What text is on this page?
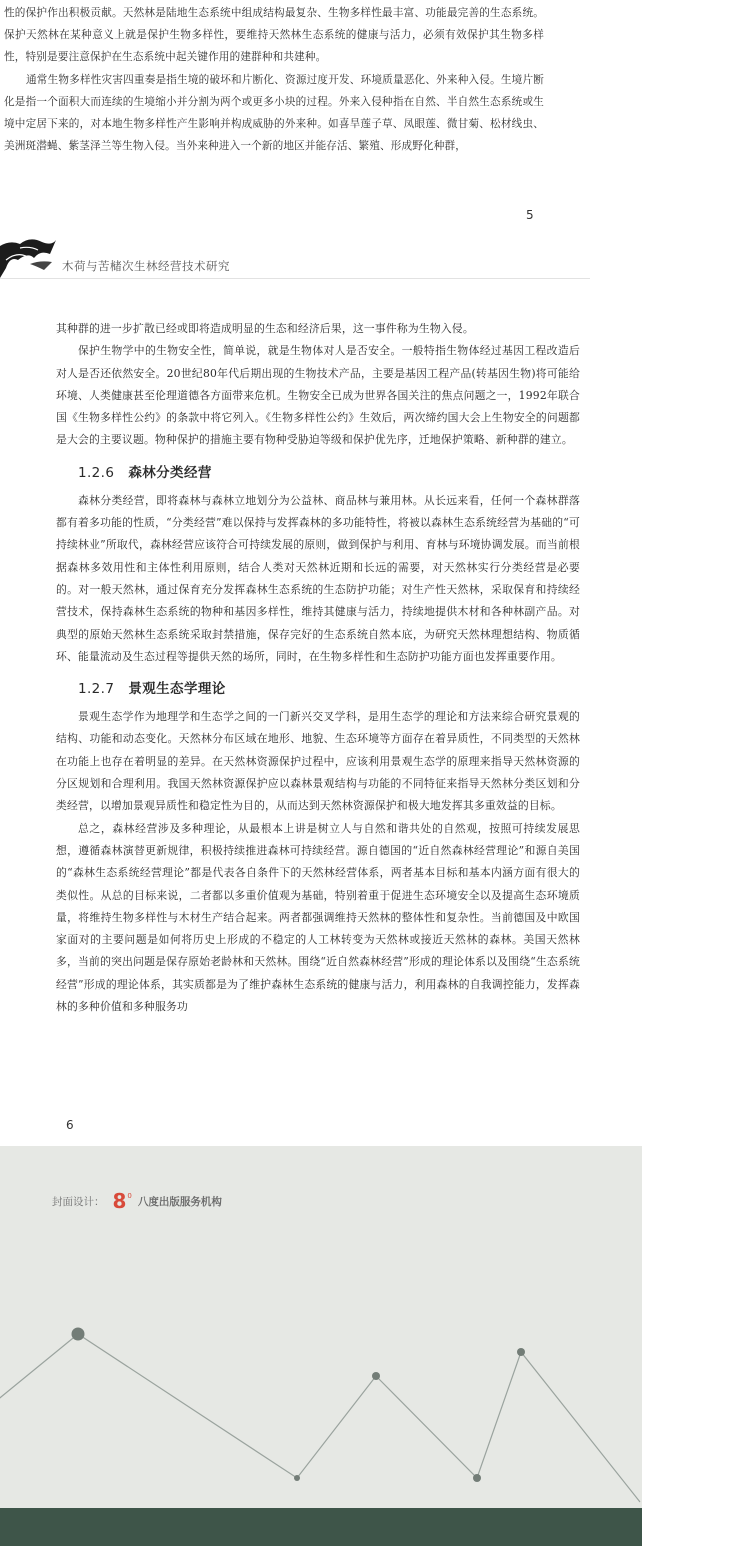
性的保护作出积极贡献。天然林是陆地生态系统中组成结构最复杂、生物多样性最丰富、功能最完善的生态系统。保护天然林在某种意义上就是保护生物多样性，要维持天然林生态系统的健康与活力，必须有效保护其生物多样性，特别是要注意保护在生态系统中起关键作用的建群种和共建种。

通常生物多样性灾害四重奏是指生境的破坏和片断化、资源过度开发、环境质量恶化、外来种入侵。生境片断化是指一个面积大而连续的生境缩小并分割为两个或更多小块的过程。外来入侵种指在自然、半自然生态系统或生境中定居下来的，对本地生物多样性产生影响并构成威胁的外来种。如喜旱莲子草、凤眼莲、微甘菊、松材线虫、美洲斑潜蝇、紫茎泽兰等生物入侵。当外来种进入一个新的地区并能存活、繁殖、形成野化种群，

5
木荷与苦槠次生林经营技术研究

其种群的进一步扩散已经或即将造成明显的生态和经济后果，这一事件称为生物入侵。

保护生物学中的生物安全性，简单说，就是生物体对人是否安全。一般特指生物体经过基因工程改造后对人是否还依然安全。20世纪80年代后期出现的生物技术产品，主要是基因工程产品(转基因生物)将可能给环境、人类健康甚至伦理道德各方面带来危机。生物安全已成为世界各国关注的焦点问题之一，1992年联合国《生物多样性公约》的条款中将它列入。《生物多样性公约》生效后，两次缔约国大会上生物安全的问题都是大会的主要议题。物种保护的措施主要有物种受胁迫等级和保护优先序，迁地保护策略、新种群的建立。

1.2.6 森林分类经营

森林分类经营，即将森林与森林立地划分为公益林、商品林与兼用林。从长远来看，任何一个森林群落都有着多功能的性质，“分类经营”难以保持与发挥森林的多功能特性，将被以森林生态系统经营为基础的“可持续林业”所取代，森林经营应该符合可持续发展的原则，做到保护与利用、育林与环境协调发展。而当前根据森林多效用性和主体性利用原则，结合人类对天然林近期和长远的需要，对天然林实行分类经营是必要的。对一般天然林，通过保育充分发挥森林生态系统的生态防护功能；对生产性天然林，采取保育和持续经营技术，保持森林生态系统的物种和基因多样性，维持其健康与活力，持续地提供木材和各种林副产品。对典型的原始天然林生态系统采取封禁措施，保存完好的生态系统自然本底，为研究天然林理想结构、物质循环、能量流动及生态过程等提供天然的场所，同时，在生物多样性和生态防护功能方面也发挥重要作用。

1.2.7 景观生态学理论

景观生态学作为地理学和生态学之间的一门新兴交叉学科，是用生态学的理论和方法来综合研究景观的结构、功能和动态变化。天然林分布区域在地形、地貌、生态环境等方面存在着异质性，不同类型的天然林在功能上也存在着明显的差异。在天然林资源保护过程中，应该利用景观生态学的原理来指导天然林资源的分区规划和合理利用。我国天然林资源保护应以森林景观结构与功能的不同特征来指导天然林分类区划和分类经营，以增加景观异质性和稳定性为目的，从而达到天然林资源保护和极大地发挥其多重效益的目标。

总之，森林经营涉及多种理论，从最根本上讲是树立人与自然和谐共处的自然观，按照可持续发展思想，遵循森林演替更新规律，积极持续推进森林可持续经营。源自德国的“近自然森林经营理论”和源自美国的“森林生态系统经营理论”都是代表各自条件下的天然林经营体系，两者基本目标和基本内涵方面有很大的类似性。从总的目标来说，二者都以多重价值观为基础，特别着重于促进生态环境安全以及提高生态环境质量，将维持生物多样性与木材生产结合起来。两者都强调维持天然林的整体性和复杂性。当前德国及中欧国家面对的主要问题是如何将历史上形成的不稳定的人工林转变为天然林或接近天然林的森林。美国天然林多，当前的突出问题是保存原始老龄林和天然林。围绕“近自然森林经营”形成的理论体系以及围绕“生态系统经营”形成的理论体系，其实质都是为了维护森林生态系统的健康与活力，利用森林的自我调控能力，发挥森林的多种价值和多种服务功

6
封面设计： 8 0 八度出版服务机构
